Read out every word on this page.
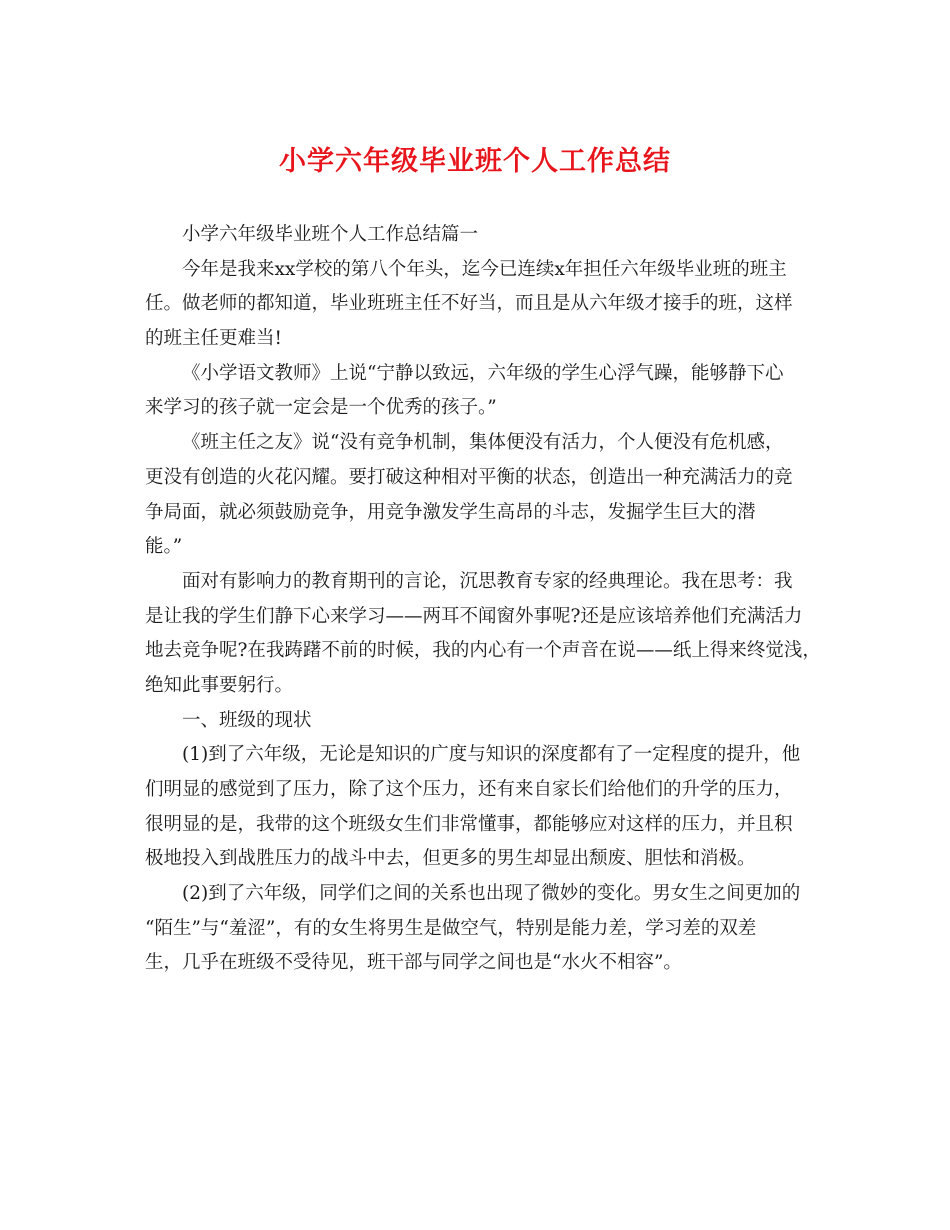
小学六年级毕业班个人工作总结
小学六年级毕业班个人工作总结篇一
今年是我来xx学校的第八个年头，迄今已连续x年担任六年级毕业班的班主
任。做老师的都知道，毕业班班主任不好当，而且是从六年级才接手的班，这样
的班主任更难当!
《小学语文教师》上说“宁静以致远，六年级的学生心浮气躁，能够静下心
来学习的孩子就一定会是一个优秀的孩子。”
《班主任之友》说“没有竞争机制，集体便没有活力，个人便没有危机感，
更没有创造的火花闪耀。要打破这种相对平衡的状态，创造出一种充满活力的竞
争局面，就必须鼓励竞争，用竞争激发学生高昂的斗志，发掘学生巨大的潜
能。”
面对有影响力的教育期刊的言论，沉思教育专家的经典理论。我在思考：我
是让我的学生们静下心来学习——两耳不闻窗外事呢?还是应该培养他们充满活力
地去竞争呢?在我踌躇不前的时候，我的内心有一个声音在说——纸上得来终觉浅，
绝知此事要躬行。
一、班级的现状
(1)到了六年级，无论是知识的广度与知识的深度都有了一定程度的提升，他
们明显的感觉到了压力，除了这个压力，还有来自家长们给他们的升学的压力，
很明显的是，我带的这个班级女生们非常懂事，都能够应对这样的压力，并且积
极地投入到战胜压力的战斗中去，但更多的男生却显出颓废、胆怯和消极。
(2)到了六年级，同学们之间的关系也出现了微妙的变化。男女生之间更加的
“陌生”与“羞涩”，有的女生将男生是做空气，特别是能力差，学习差的双差
生，几乎在班级不受待见，班干部与同学之间也是“水火不相容”。
